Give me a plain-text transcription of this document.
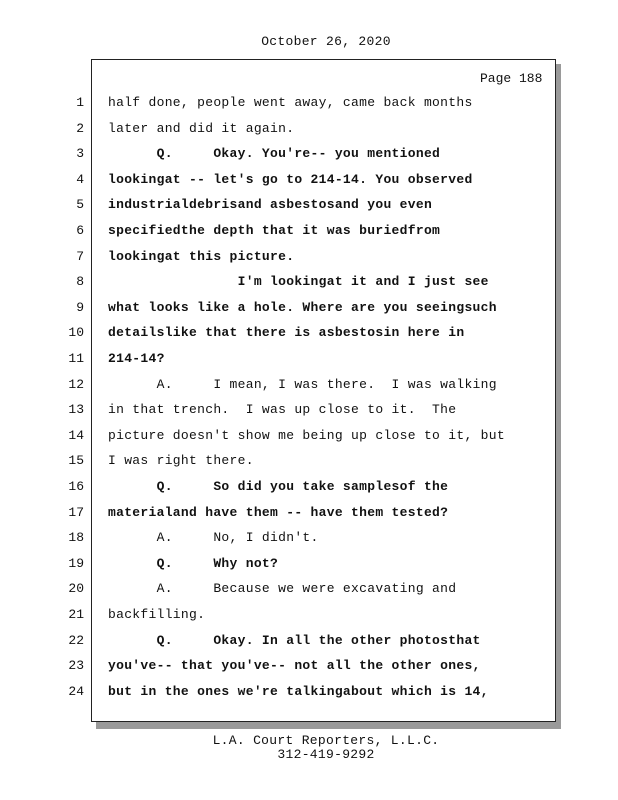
October 26, 2020
Page 188
1 half done, people went away, came back months
2 later and did it again.
3 Q.     Okay. You're-- you mentioned
4 lookingat -- let's go to 214-14. You observed
5 industrialdebrisand asbestosand you even
6 specifiedthe depth that it was buriedfrom
7 lookingat this picture.
8 I'm lookingat it and I just see
9 what looks like a hole. Where are you seeingsuch
10 detailslike that there is asbestosin here in
11 214-14?
12 A.     I mean, I was there.  I was walking
13 in that trench.  I was up close to it.  The
14 picture doesn't show me being up close to it, but
15 I was right there.
16 Q.     So did you take samplesof the
17 materialand have them -- have them tested?
18 A.     No, I didn't.
19 Q.     Why not?
20 A.     Because we were excavating and
21 backfilling.
22 Q.     Okay. In all the other photosthat
23 you've-- that you've-- not all the other ones,
24 but in the ones we're talkingabout which is 14,
L.A. Court Reporters, L.L.C.
312-419-9292
